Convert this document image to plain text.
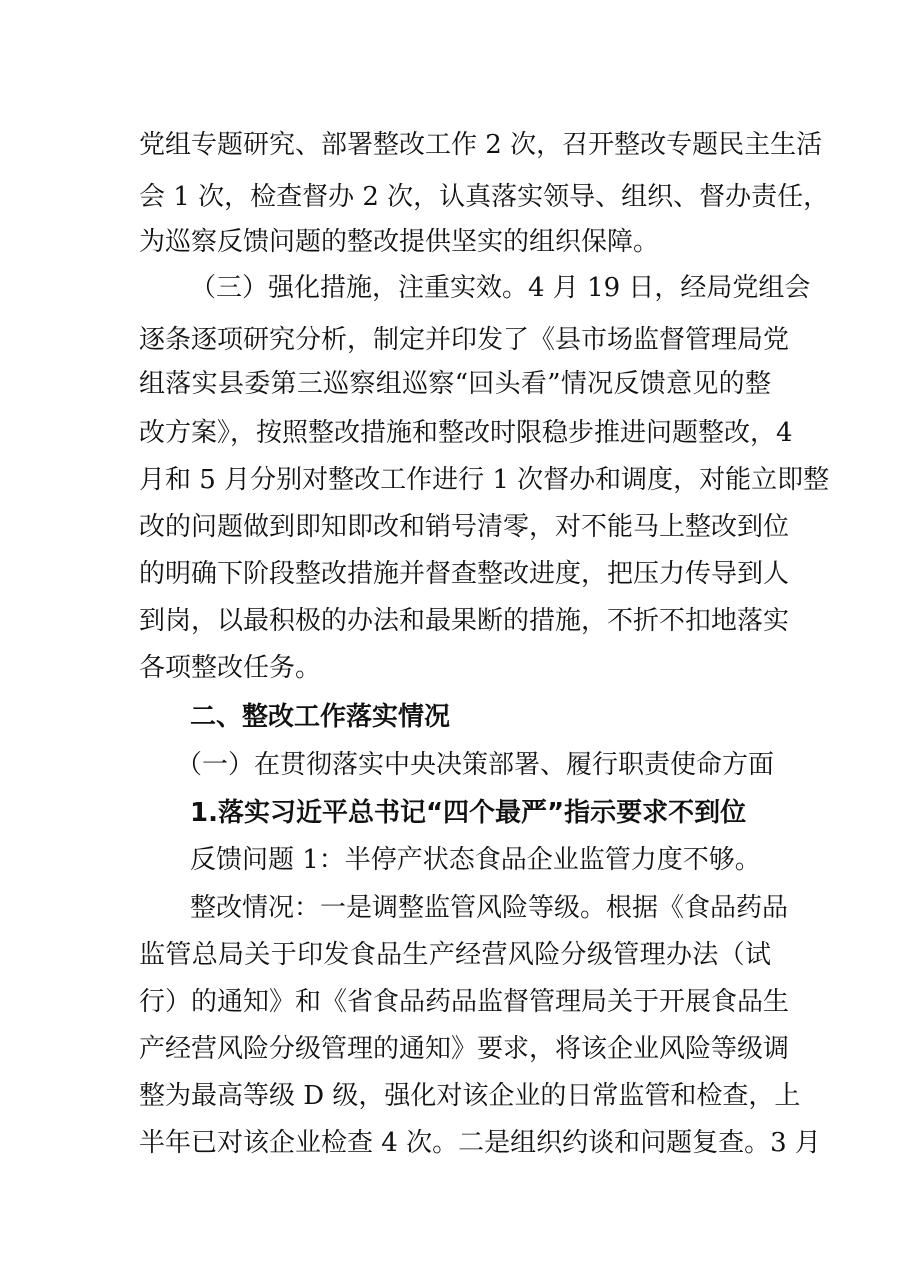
党组专题研究、部署整改工作 2 次，召开整改专题民主生活
会 1 次，检查督办 2 次，认真落实领导、组织、督办责任，
为巡察反馈问题的整改提供坚实的组织保障。
（三）强化措施，注重实效。4 月 19 日，经局党组会
逐条逐项研究分析，制定并印发了《县市场监督管理局党
组落实县委第三巡察组巡察“回头看”情况反馈意见的整
改方案》，按照整改措施和整改时限稳步推进问题整改，4
月和 5 月分别对整改工作进行 1 次督办和调度，对能立即整
改的问题做到即知即改和销号清零，对不能马上整改到位
的明确下阶段整改措施并督查整改进度，把压力传导到人
到岗，以最积极的办法和最果断的措施，不折不扣地落实
各项整改任务。
二、整改工作落实情况
（一）在贯彻落实中央决策部署、履行职责使命方面
1.落实习近平总书记“四个最严”指示要求不到位
反馈问题 1：半停产状态食品企业监管力度不够。
整改情况：一是调整监管风险等级。根据《食品药品
监管总局关于印发食品生产经营风险分级管理办法（试
行）的通知》和《省食品药品监督管理局关于开展食品生
产经营风险分级管理的通知》要求，将该企业风险等级调
整为最高等级 D 级，强化对该企业的日常监管和检查，上
半年已对该企业检查 4 次。二是组织约谈和问题复查。3 月
